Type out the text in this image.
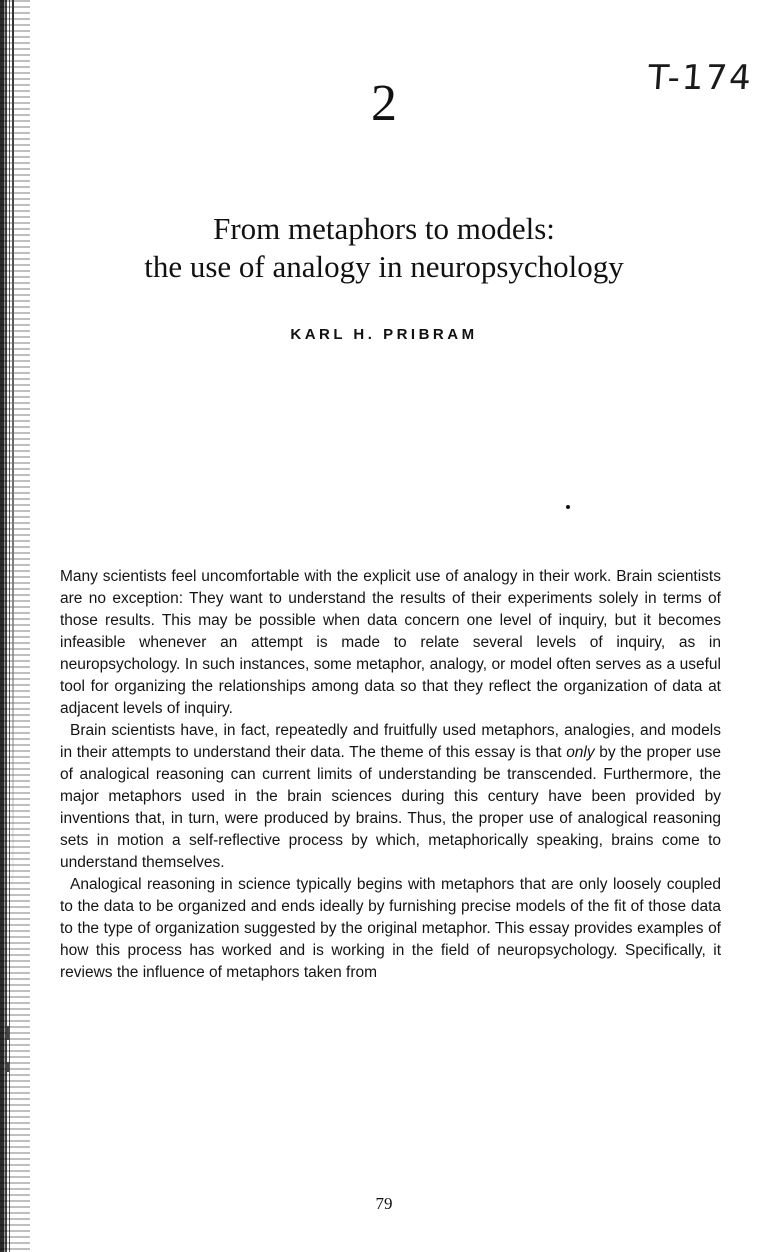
T-174
2
From metaphors to models:
the use of analogy in neuropsychology
KARL H. PRIBRAM

Many scientists feel uncomfortable with the explicit use of analogy in their work. Brain scientists are no exception: They want to understand the results of their experiments solely in terms of those results. This may be possible when data concern one level of inquiry, but it becomes infeasible whenever an attempt is made to relate several levels of inquiry, as in neuropsychology. In such instances, some metaphor, analogy, or model often serves as a useful tool for organizing the relationships among data so that they reflect the organization of data at adjacent levels of inquiry.

Brain scientists have, in fact, repeatedly and fruitfully used metaphors, analogies, and models in their attempts to understand their data. The theme of this essay is that only by the proper use of analogical reasoning can current limits of understanding be transcended. Furthermore, the major metaphors used in the brain sciences during this century have been provided by inventions that, in turn, were produced by brains. Thus, the proper use of analogical reasoning sets in motion a self-reflective process by which, metaphorically speaking, brains come to understand themselves.

Analogical reasoning in science typically begins with metaphors that are only loosely coupled to the data to be organized and ends ideally by furnishing precise models of the fit of those data to the type of organization suggested by the original metaphor. This essay provides examples of how this process has worked and is working in the field of neuropsychology. Specifically, it reviews the influence of metaphors taken from

79
